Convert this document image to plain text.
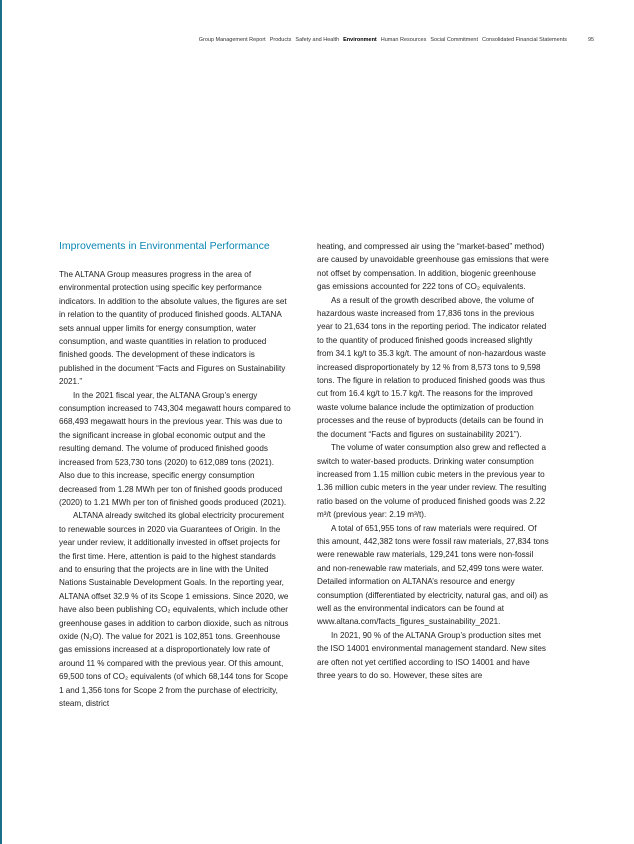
Group Management Report Products Safety and Health Environment Human Resources Social Commitment Consolidated Financial Statements	95
Improvements in Environmental Performance

The ALTANA Group measures progress in the area of environmental protection using specific key performance indicators. In addition to the absolute values, the figures are set in relation to the quantity of produced finished goods. ALTANA sets annual upper limits for energy consumption, water consumption, and waste quantities in relation to produced finished goods. The development of these indicators is published in the document “Facts and Figures on Sustainability 2021.”

In the 2021 fiscal year, the ALTANA Group’s energy consumption increased to 743,304 megawatt hours compared to 668,493 megawatt hours in the previous year. This was due to the significant increase in global economic output and the resulting demand. The volume of produced finished goods increased from 523,730 tons (2020) to 612,089 tons (2021). Also due to this increase, specific energy consumption decreased from 1.28 MWh per ton of finished goods produced (2020) to 1.21 MWh per ton of finished goods produced (2021).

ALTANA already switched its global electricity procurement to renewable sources in 2020 via Guarantees of Origin. In the year under review, it additionally invested in offset projects for the first time. Here, attention is paid to the highest standards and to ensuring that the projects are in line with the United Nations Sustainable Development Goals. In the reporting year, ALTANA offset 32.9 % of its Scope 1 emissions. Since 2020, we have also been publishing CO₂ equivalents, which include other greenhouse gases in addition to carbon dioxide, such as nitrous oxide (N₂O). The value for 2021 is 102,851 tons. Greenhouse gas emissions increased at a disproportionately low rate of around 11 % compared with the previous year. Of this amount, 69,500 tons of CO₂ equivalents (of which 68,144 tons for Scope 1 and 1,356 tons for Scope 2 from the purchase of electricity, steam, district

heating, and compressed air using the “market-based” method) are caused by unavoidable greenhouse gas emissions that were not offset by compensation. In addition, biogenic greenhouse gas emissions accounted for 222 tons of CO₂ equivalents.

As a result of the growth described above, the volume of hazardous waste increased from 17,836 tons in the previous year to 21,634 tons in the reporting period. The indicator related to the quantity of produced finished goods increased slightly from 34.1 kg/t to 35.3 kg/t. The amount of non-hazardous waste increased disproportionately by 12 % from 8,573 tons to 9,598 tons. The figure in relation to produced finished goods was thus cut from 16.4 kg/t to 15.7 kg/t. The reasons for the improved waste volume balance include the optimization of production processes and the reuse of byproducts (details can be found in the document “Facts and figures on sustainability 2021”).

The volume of water consumption also grew and reflected a switch to water-based products. Drinking water consumption increased from 1.15 million cubic meters in the previous year to 1.36 million cubic meters in the year under review. The resulting ratio based on the volume of produced finished goods was 2.22 m³/t (previous year: 2.19 m³/t).

A total of 651,955 tons of raw materials were required. Of this amount, 442,382 tons were fossil raw materials, 27,834 tons were renewable raw materials, 129,241 tons were non-fossil and non-renewable raw materials, and 52,499 tons were water. Detailed information on ALTANA’s resource and energy consumption (differentiated by electricity, natural gas, and oil) as well as the environmental indicators can be found at www.altana.com/facts_figures_sustainability_2021.

In 2021, 90 % of the ALTANA Group’s production sites met the ISO 14001 environmental management standard. New sites are often not yet certified according to ISO 14001 and have three years to do so. However, these sites are
